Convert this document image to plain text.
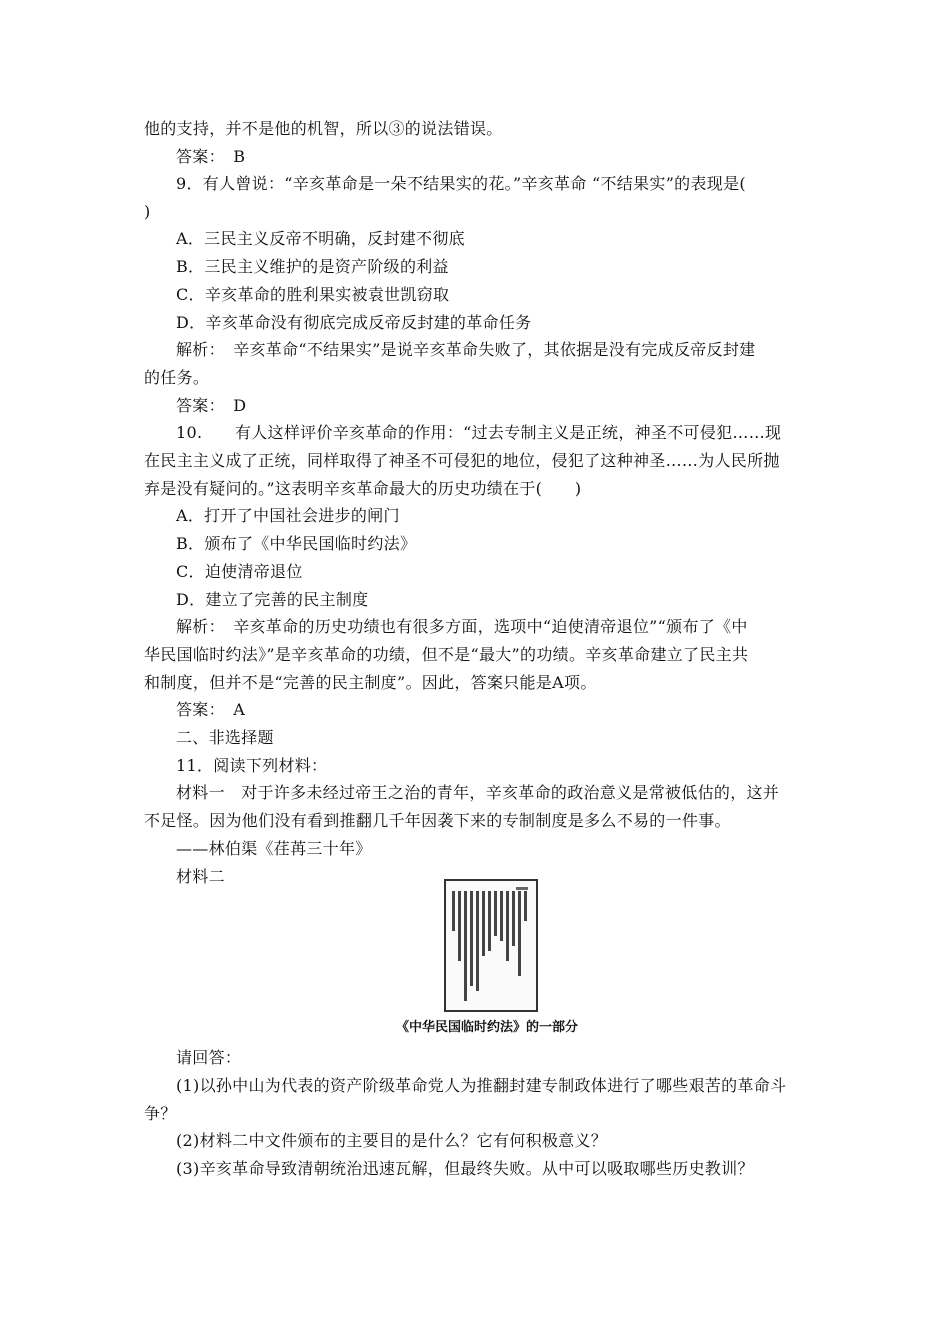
他的支持，并不是他的机智，所以③的说法错误。
答案：　B
9．有人曾说：“辛亥革命是一朵不结果实的花。”辛亥革命 “不结果实”的表现是(
)
A．三民主义反帝不明确，反封建不彻底
B．三民主义维护的是资产阶级的利益
C．辛亥革命的胜利果实被袁世凯窃取
D．辛亥革命没有彻底完成反帝反封建的革命任务
解析：　辛亥革命“不结果实”是说辛亥革命失败了，其依据是没有完成反帝反封建
的任务。
答案：　D
10.　　有人这样评价辛亥革命的作用：“过去专制主义是正统，神圣不可侵犯……现
在民主主义成了正统，同样取得了神圣不可侵犯的地位，侵犯了这种神圣……为人民所抛
弃是没有疑问的。”这表明辛亥革命最大的历史功绩在于(　　)
A．打开了中国社会进步的闸门
B．颁布了《中华民国临时约法》
C．迫使清帝退位
D．建立了完善的民主制度
解析：　辛亥革命的历史功绩也有很多方面，选项中“迫使清帝退位”“颁布了《中
华民国临时约法》”是辛亥革命的功绩，但不是“最大”的功绩。辛亥革命建立了民主共
和制度，但并不是“完善的民主制度”。因此，答案只能是A项。
答案：　A
二、非选择题
11．阅读下列材料：
材料一　对于许多未经过帝王之治的青年，辛亥革命的政治意义是常被低估的，这并
不足怪。因为他们没有看到推翻几千年因袭下来的专制制度是多么不易的一件事。
——林伯渠《荏苒三十年》
材料二
《中华民国临时约法》的一部分
请回答：
(1)以孙中山为代表的资产阶级革命党人为推翻封建专制政体进行了哪些艰苦的革命斗
争？
(2)材料二中文件颁布的主要目的是什么？它有何积极意义？
(3)辛亥革命导致清朝统治迅速瓦解，但最终失败。从中可以吸取哪些历史教训？
